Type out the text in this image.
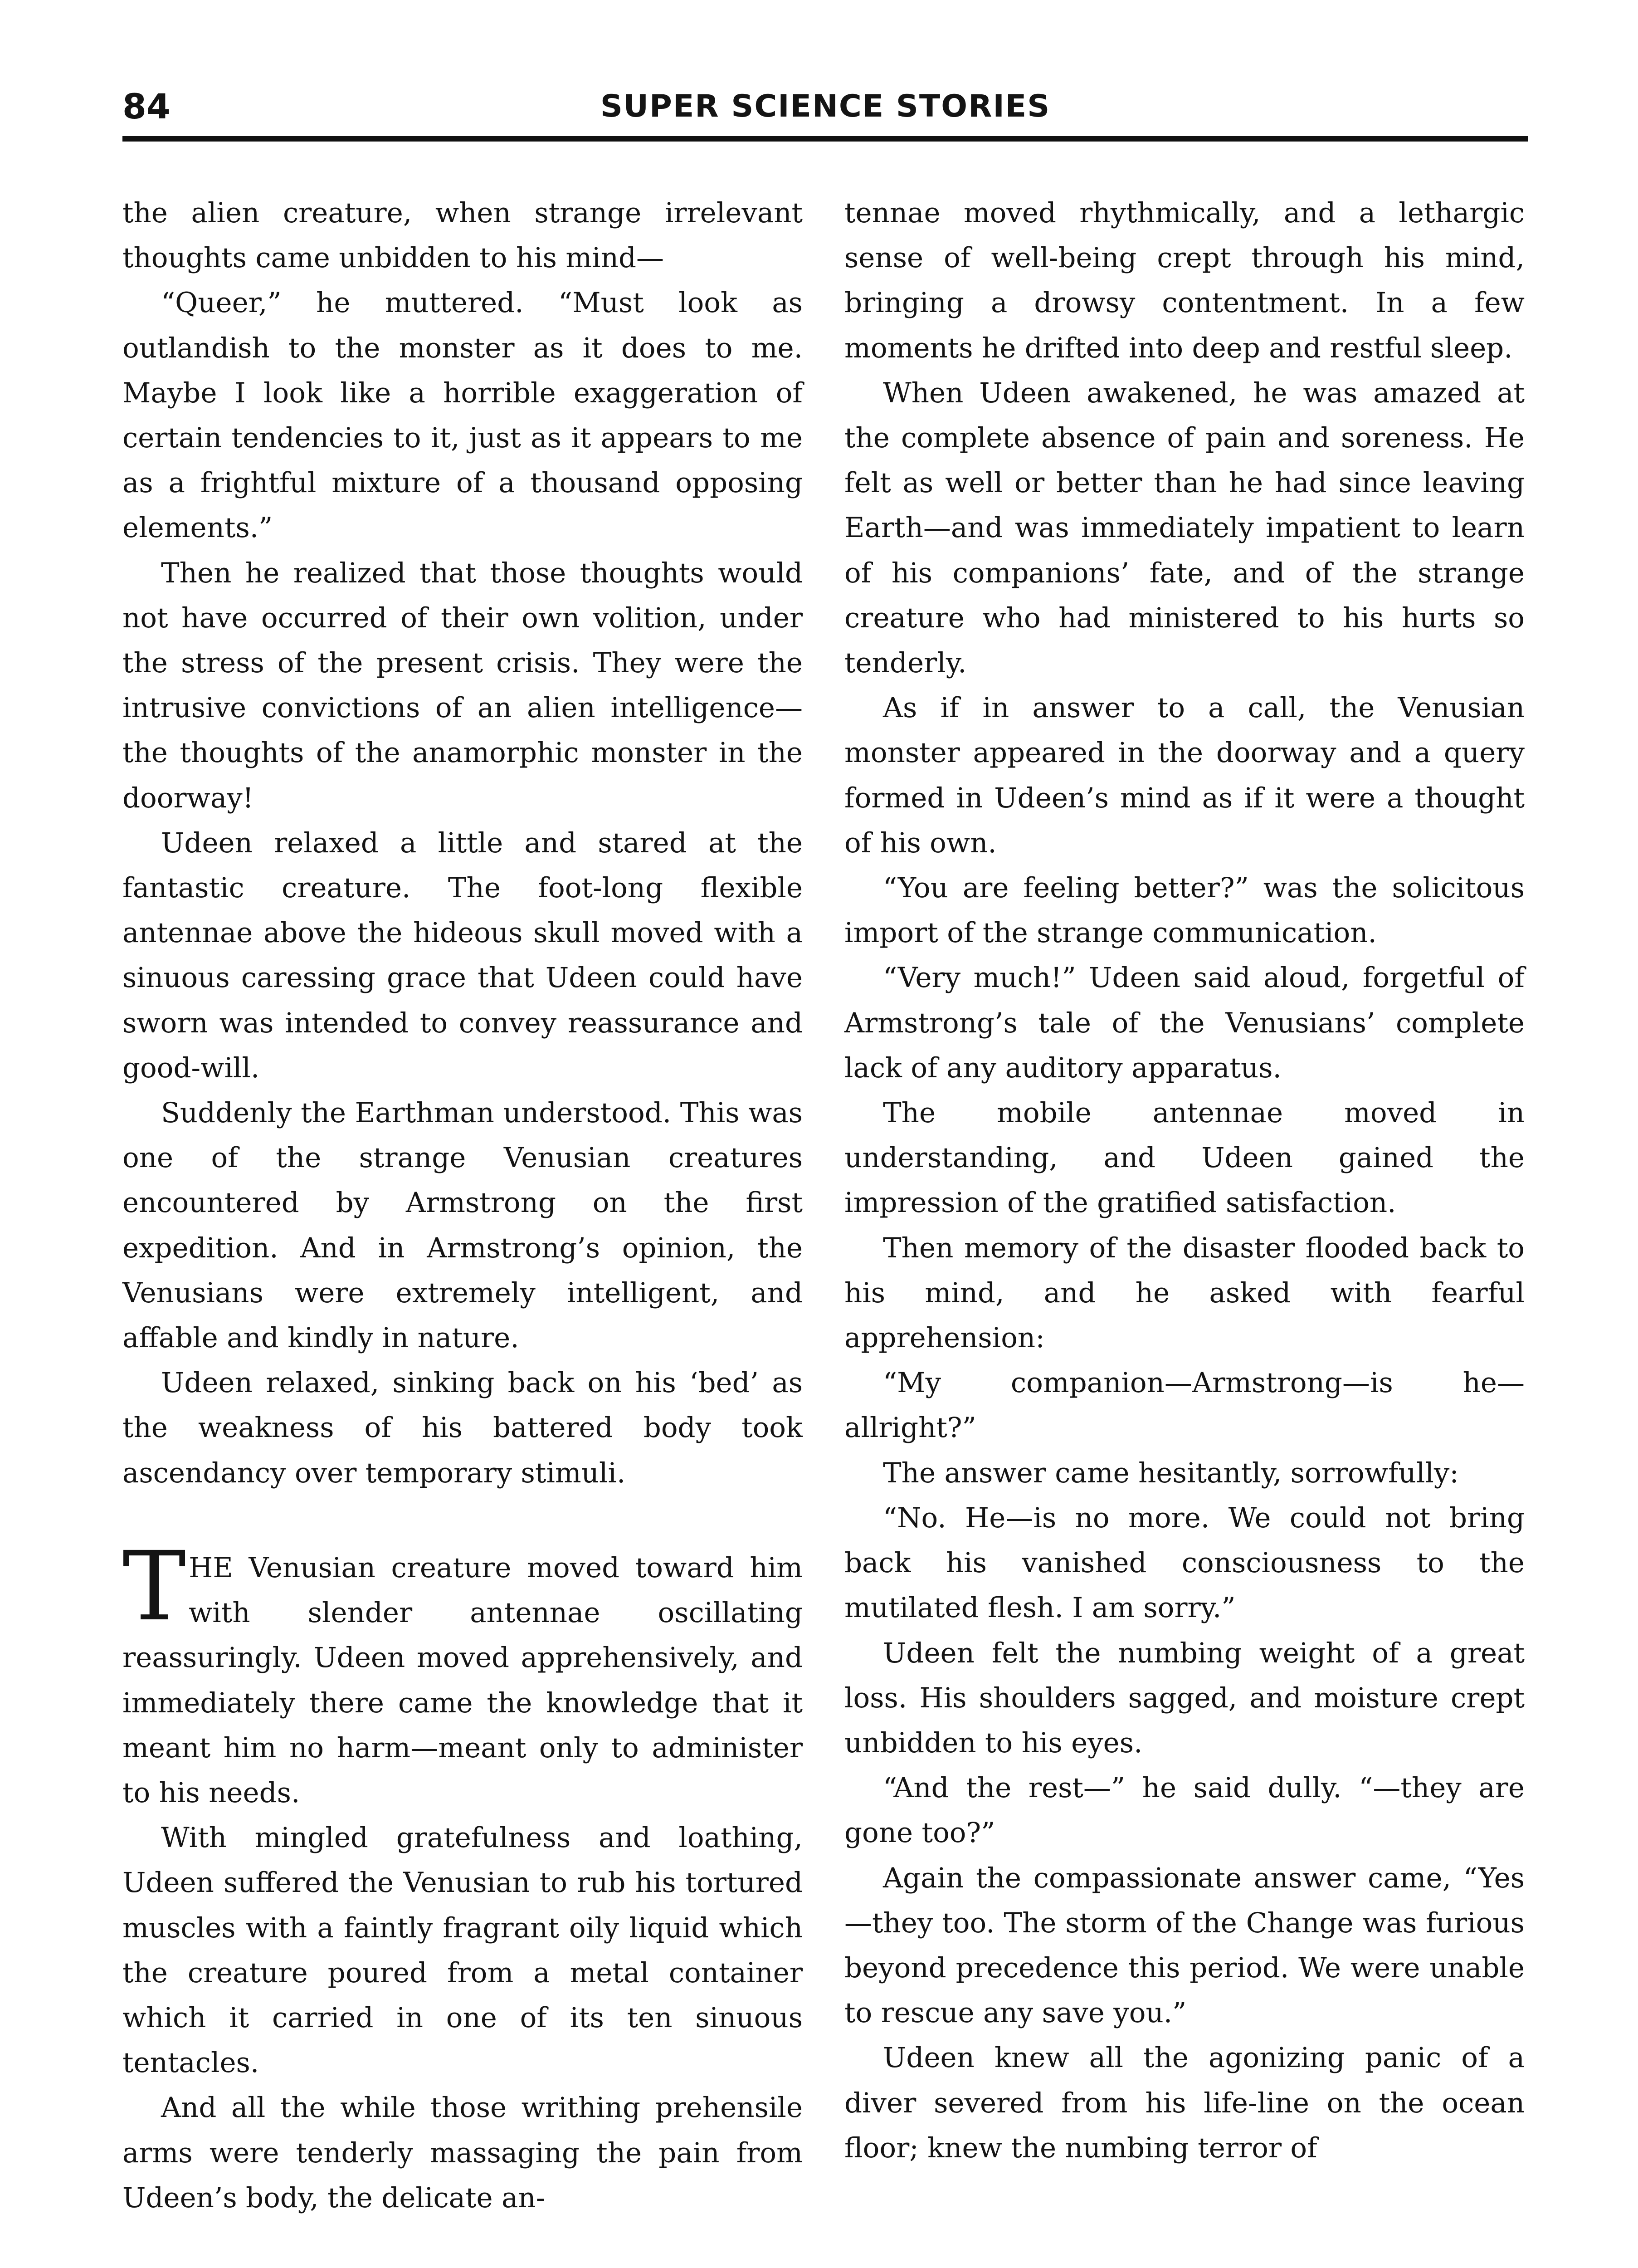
84	SUPER SCIENCE STORIES

the alien creature, when strange irrelevant thoughts came unbidden to his mind—

“Queer,” he muttered. “Must look as outlandish to the monster as it does to me. Maybe I look like a horrible exaggeration of certain tendencies to it, just as it appears to me as a frightful mixture of a thousand opposing elements.”

Then he realized that those thoughts would not have occurred of their own volition, under the stress of the present crisis. They were the intrusive convictions of an alien intelligence—the thoughts of the anamorphic monster in the doorway!

Udeen relaxed a little and stared at the fantastic creature. The foot-long flexible antennae above the hideous skull moved with a sinuous caressing grace that Udeen could have sworn was intended to convey reassurance and good-will.

Suddenly the Earthman understood. This was one of the strange Venusian creatures encountered by Armstrong on the first expedition. And in Armstrong’s opinion, the Venusians were extremely intelligent, and affable and kindly in nature.

Udeen relaxed, sinking back on his ‘bed’ as the weakness of his battered body took ascendancy over temporary stimuli.

THE Venusian creature moved toward him with slender antennae oscillating reassuringly. Udeen moved apprehensively, and immediately there came the knowledge that it meant him no harm—meant only to administer to his needs.

With mingled gratefulness and loathing, Udeen suffered the Venusian to rub his tortured muscles with a faintly fragrant oily liquid which the creature poured from a metal container which it carried in one of its ten sinuous tentacles.

And all the while those writhing prehensile arms were tenderly massaging the pain from Udeen’s body, the delicate an-

tennae moved rhythmically, and a lethargic sense of well-being crept through his mind, bringing a drowsy contentment. In a few moments he drifted into deep and restful sleep.

When Udeen awakened, he was amazed at the complete absence of pain and soreness. He felt as well or better than he had since leaving Earth—and was immediately impatient to learn of his companions’ fate, and of the strange creature who had ministered to his hurts so tenderly.

As if in answer to a call, the Venusian monster appeared in the doorway and a query formed in Udeen’s mind as if it were a thought of his own.

“You are feeling better?” was the solicitous import of the strange communication.

“Very much!” Udeen said aloud, forgetful of Armstrong’s tale of the Venusians’ complete lack of any auditory apparatus.

The mobile antennae moved in understanding, and Udeen gained the impression of the gratified satisfaction.

Then memory of the disaster flooded back to his mind, and he asked with fearful apprehension:

“My companion—Armstrong—is he— allright?”

The answer came hesitantly, sorrowfully:

“No. He—is no more. We could not bring back his vanished consciousness to the mutilated flesh. I am sorry.”

Udeen felt the numbing weight of a great loss. His shoulders sagged, and moisture crept unbidden to his eyes.

“And the rest—” he said dully. “—they are gone too?”

Again the compassionate answer came, “Yes—they too. The storm of the Change was furious beyond precedence this period. We were unable to rescue any save you.”

Udeen knew all the agonizing panic of a diver severed from his life-line on the ocean floor; knew the numbing terror of
